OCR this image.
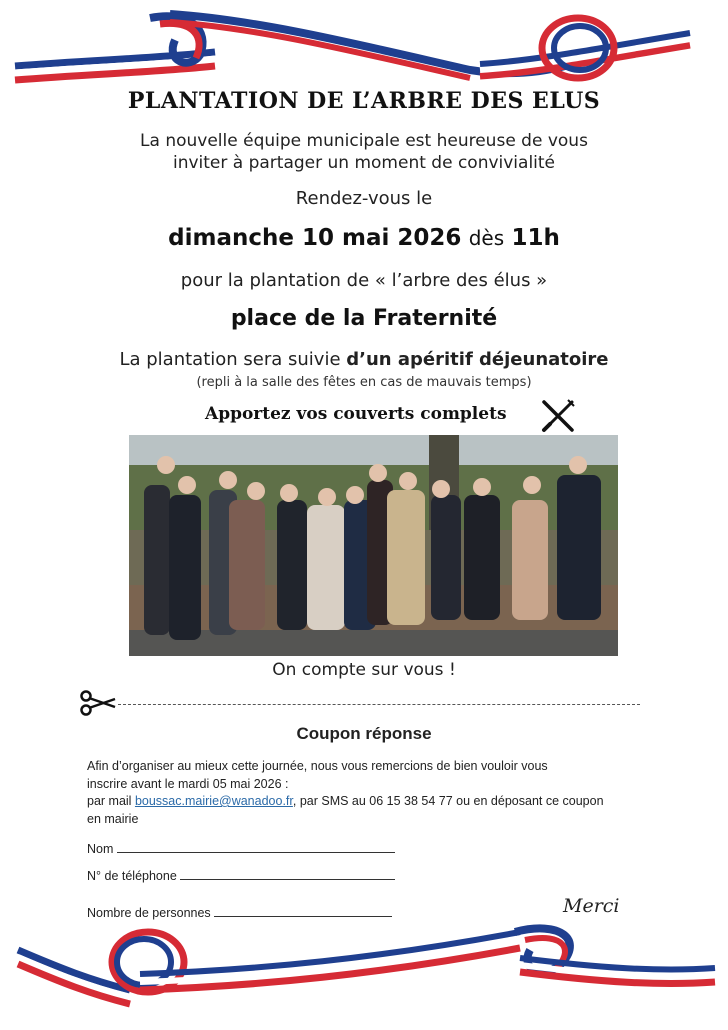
PLANTATION DE L’ARBRE DES ELUS
La nouvelle équipe municipale est heureuse de vous
inviter à partager un moment de convivialité
Rendez-vous le
dimanche 10 mai 2026 dès 11h
pour la plantation de « l’arbre des élus »
place de la Fraternité
La plantation sera suivie d’un apéritif déjeunatoire
(repli à la salle des fêtes en cas de mauvais temps)
Apportez vos couverts complets
On compte sur vous !
Coupon réponse
Afin d’organiser au mieux cette journée, nous vous remercions de bien vouloir vous
inscrire avant le mardi 05 mai 2026 :
par mail boussac.mairie@wanadoo.fr, par SMS au 06 15 38 54 77 ou en déposant ce coupon
en mairie
Nom
N° de téléphone
Nombre de personnes	Merci
